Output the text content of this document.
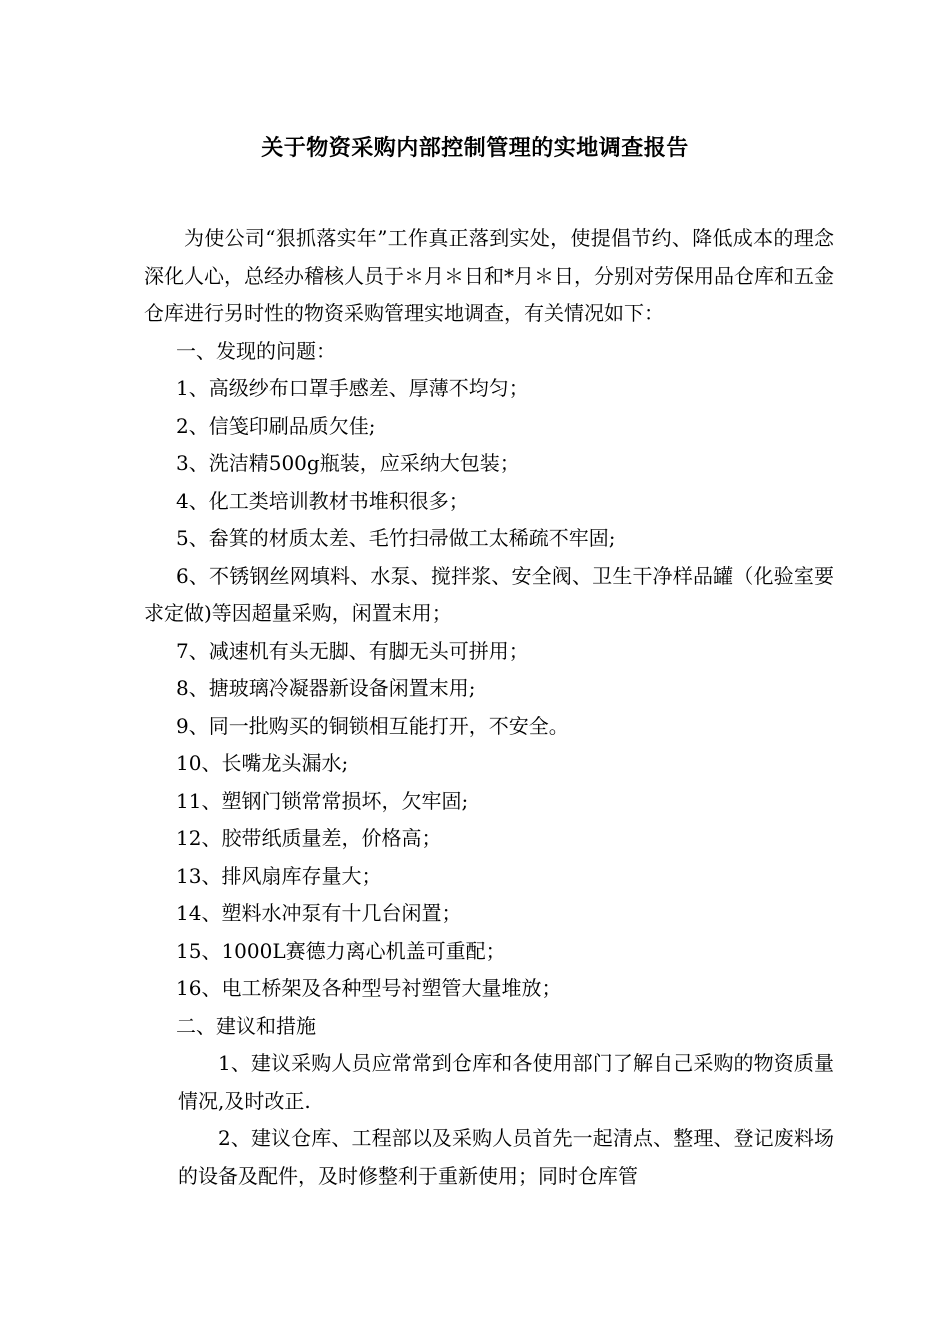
关于物资采购内部控制管理的实地调查报告

为使公司“狠抓落实年”工作真正落到实处，使提倡节约、降低成本的理念深化人心，总经办稽核人员于＊月＊日和*月＊日，分别对劳保用品仓库和五金仓库进行另时性的物资采购管理实地调查，有关情况如下：

一、发现的问题：

1、高级纱布口罩手感差、厚薄不均匀；

2、信笺印刷品质欠佳;

3、洗洁精500g瓶装，应采纳大包装；

4、化工类培训教材书堆积很多；

5、畚箕的材质太差、毛竹扫帚做工太稀疏不牢固;

6、不锈钢丝网填料、水泵、搅拌浆、安全阀、卫生干净样品罐（化验室要求定做)等因超量采购，闲置末用；

7、减速机有头无脚、有脚无头可拼用；

8、搪玻璃冷凝器新设备闲置末用;

9、同一批购买的铜锁相互能打开，不安全。

10、长嘴龙头漏水;

11、塑钢门锁常常损坏，欠牢固;

12、胶带纸质量差，价格高；

13、排风扇库存量大；

14、塑料水冲泵有十几台闲置；

15、1000L赛德力离心机盖可重配；

16、电工桥架及各种型号衬塑管大量堆放；

二、建议和措施

1、建议采购人员应常常到仓库和各使用部门了解自己采购的物资质量情况,及时改正.

2、建议仓库、工程部以及采购人员首先一起清点、整理、登记废料场的设备及配件，及时修整利于重新使用；同时仓库管
